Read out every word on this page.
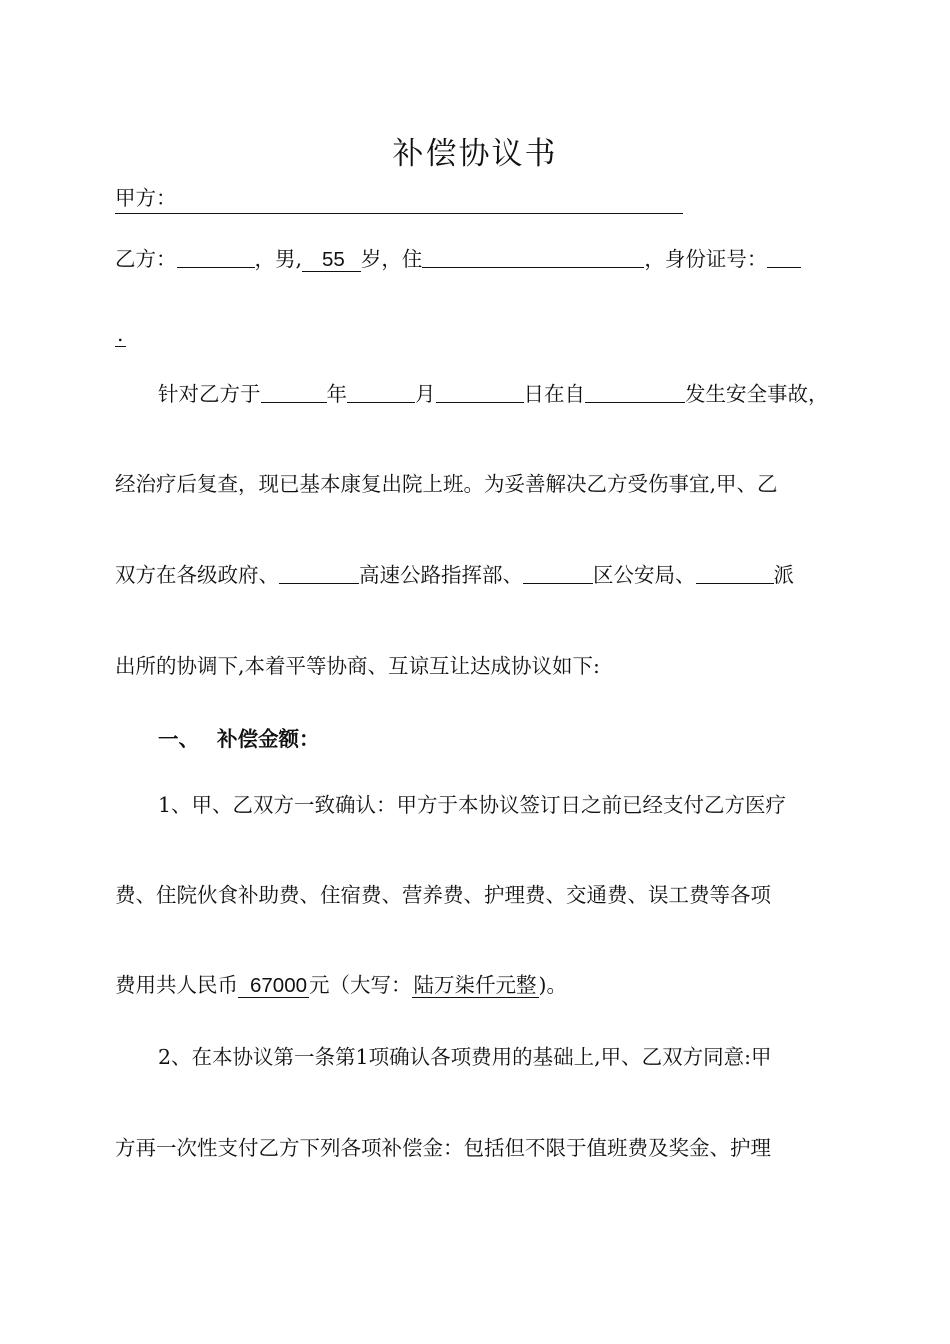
补偿协议书
甲方：
乙方：	，男, 55 岁，住	，身份证号：
.
针对乙方于	年	月	日在自	发生安全事故，
经治疗后复查，现已基本康复出院上班。为妥善解决乙方受伤事宜,甲、乙
双方在各级政府、	高速公路指挥部、	区公安局、	派
出所的协调下,本着平等协商、互谅互让达成协议如下:
一、 补偿金额：
1、甲、乙双方一致确认：甲方于本协议签订日之前已经支付乙方医疗
费、住院伙食补助费、住宿费、营养费、护理费、交通费、误工费等各项
费用共人民币 67000元（大写：陆万柒仟元整)。
2、在本协议第一条第1项确认各项费用的基础上,甲、乙双方同意:甲
方再一次性支付乙方下列各项补偿金：包括但不限于值班费及奖金、护理
